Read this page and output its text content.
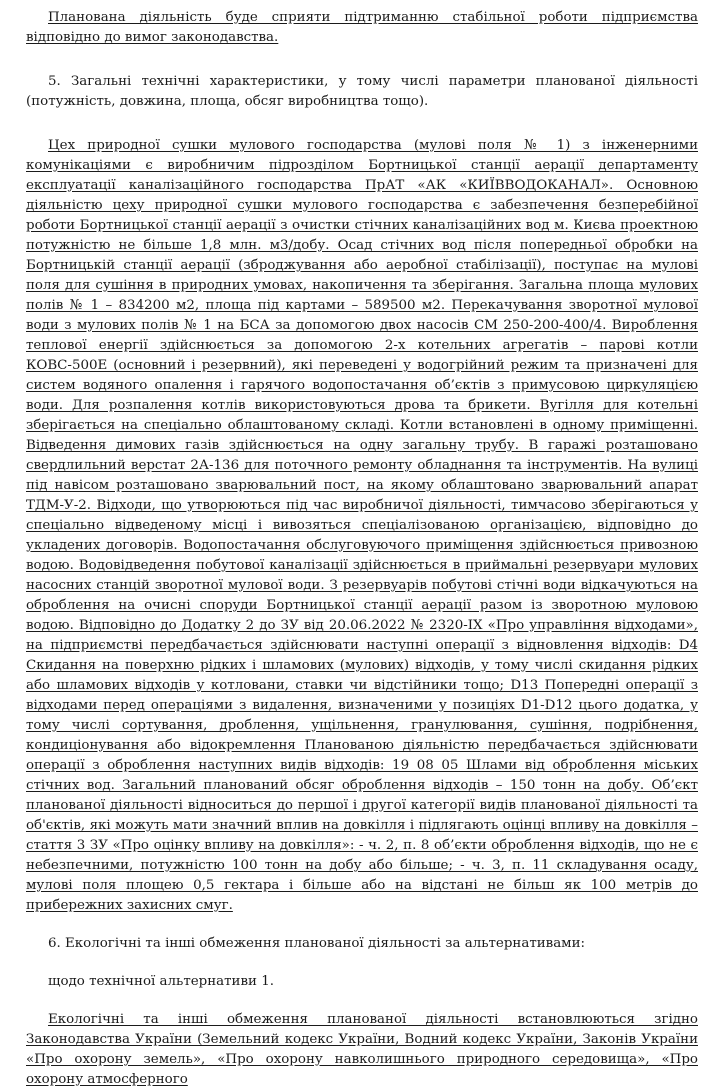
Планована діяльність буде сприяти підтриманню стабільної роботи підприємства відповідно до вимог законодавства.

5. Загальні технічні характеристики, у тому числі параметри планованої діяльності (потужність, довжина, площа, обсяг виробництва тощо).

Цех природної сушки мулового господарства (мулові поля № 1) з інженерними комунікаціями є виробничим підрозділом Бортницької станції аерації департаменту експлуатації каналізаційного господарства ПрАТ «АК «КИЇВВОДОКАНАЛ». Основною діяльністю цеху природної сушки мулового господарства є забезпечення безперебійної роботи Бортницької станції аерації з очистки стічних каналізаційних вод м. Києва проектною потужністю не більше 1,8 млн. м3/добу. Осад стічних вод після попередньої обробки на Бортницькій станції аерації (зброджування або аеробної стабілізації), поступає на мулові поля для сушіння в природних умовах, накопичення та зберігання. Загальна площа мулових полів № 1 – 834200 м2, площа під картами – 589500 м2. Перекачування зворотної мулової води з мулових полів № 1 на БСА за допомогою двох насосів СМ 250-200-400/4. Вироблення теплової енергії здійснюється за допомогою 2-х котельних агрегатів – парові котли КОВС-500Е (основний і резервний), які переведені у водогрійний режим та призначені для систем водяного опалення і гарячого водопостачання об’єктів з примусовою циркуляцією води. Для розпалення котлів використовуються дрова та брикети. Вугілля для котельні зберігається на спеціально облаштованому складі. Котли встановлені в одному приміщенні. Відведення димових газів здійснюється на одну загальну трубу. В гаражі розташовано свердлильний верстат 2А-136 для поточного ремонту обладнання та інструментів. На вулиці під навісом розташовано зварювальний пост, на якому облаштовано зварювальний апарат ТДМ-У-2. Відходи, що утворюються під час виробничої діяльності, тимчасово зберігаються у спеціально відведеному місці і вивозяться спеціалізованою організацією, відповідно до укладених договорів. Водопостачання обслуговуючого приміщення здійснюється привозною водою. Водовідведення побутової каналізації здійснюється в приймальні резервуари мулових насосних станцій зворотної мулової води. З резервуарів побутові стічні води відкачуються на оброблення на очисні споруди Бортницької станції аерації разом із зворотною муловою водою. Відповідно до Додатку 2 до ЗУ від 20.06.2022 № 2320-IX «Про управління відходами», на підприємстві передбачається здійснювати наступні операції з відновлення відходів: D4 Скидання на поверхню рідких і шламових (мулових) відходів, у тому числі скидання рідких або шламових відходів у котловани, ставки чи відстійники тощо; D13 Попередні операції з відходами перед операціями з видалення, визначеними у позиціях D1-D12 цього додатка, у тому числі сортування, дроблення, ущільнення, гранулювання, сушіння, подрібнення, кондиціонування або відокремлення Планованою діяльністю передбачається здійснювати операції з оброблення наступних видів відходів: 19 08 05 Шлами від оброблення міських стічних вод. Загальний планований обсяг оброблення відходів – 150 тонн на добу. Об’єкт планованої діяльності відноситься до першої і другої категорії видів планованої діяльності та об'єктів, які можуть мати значний вплив на довкілля і підлягають оцінці впливу на довкілля – стаття 3 ЗУ «Про оцінку впливу на довкілля»: - ч. 2, п. 8 об’єкти оброблення відходів, що не є небезпечними, потужністю 100 тонн на добу або більше; - ч. 3, п. 11 складування осаду, мулові поля площею 0,5 гектара і більше або на відстані не більш як 100 метрів до прибережних захисних смуг.

6. Екологічні та інші обмеження планованої діяльності за альтернативами:

щодо технічної альтернативи 1.

Екологічні та інші обмеження планованої діяльності встановлюються згідно Законодавства України (Земельний кодекс України, Водний кодекс України, Законів України «Про охорону земель», «Про охорону навколишнього природного середовища», «Про охорону атмосферного
